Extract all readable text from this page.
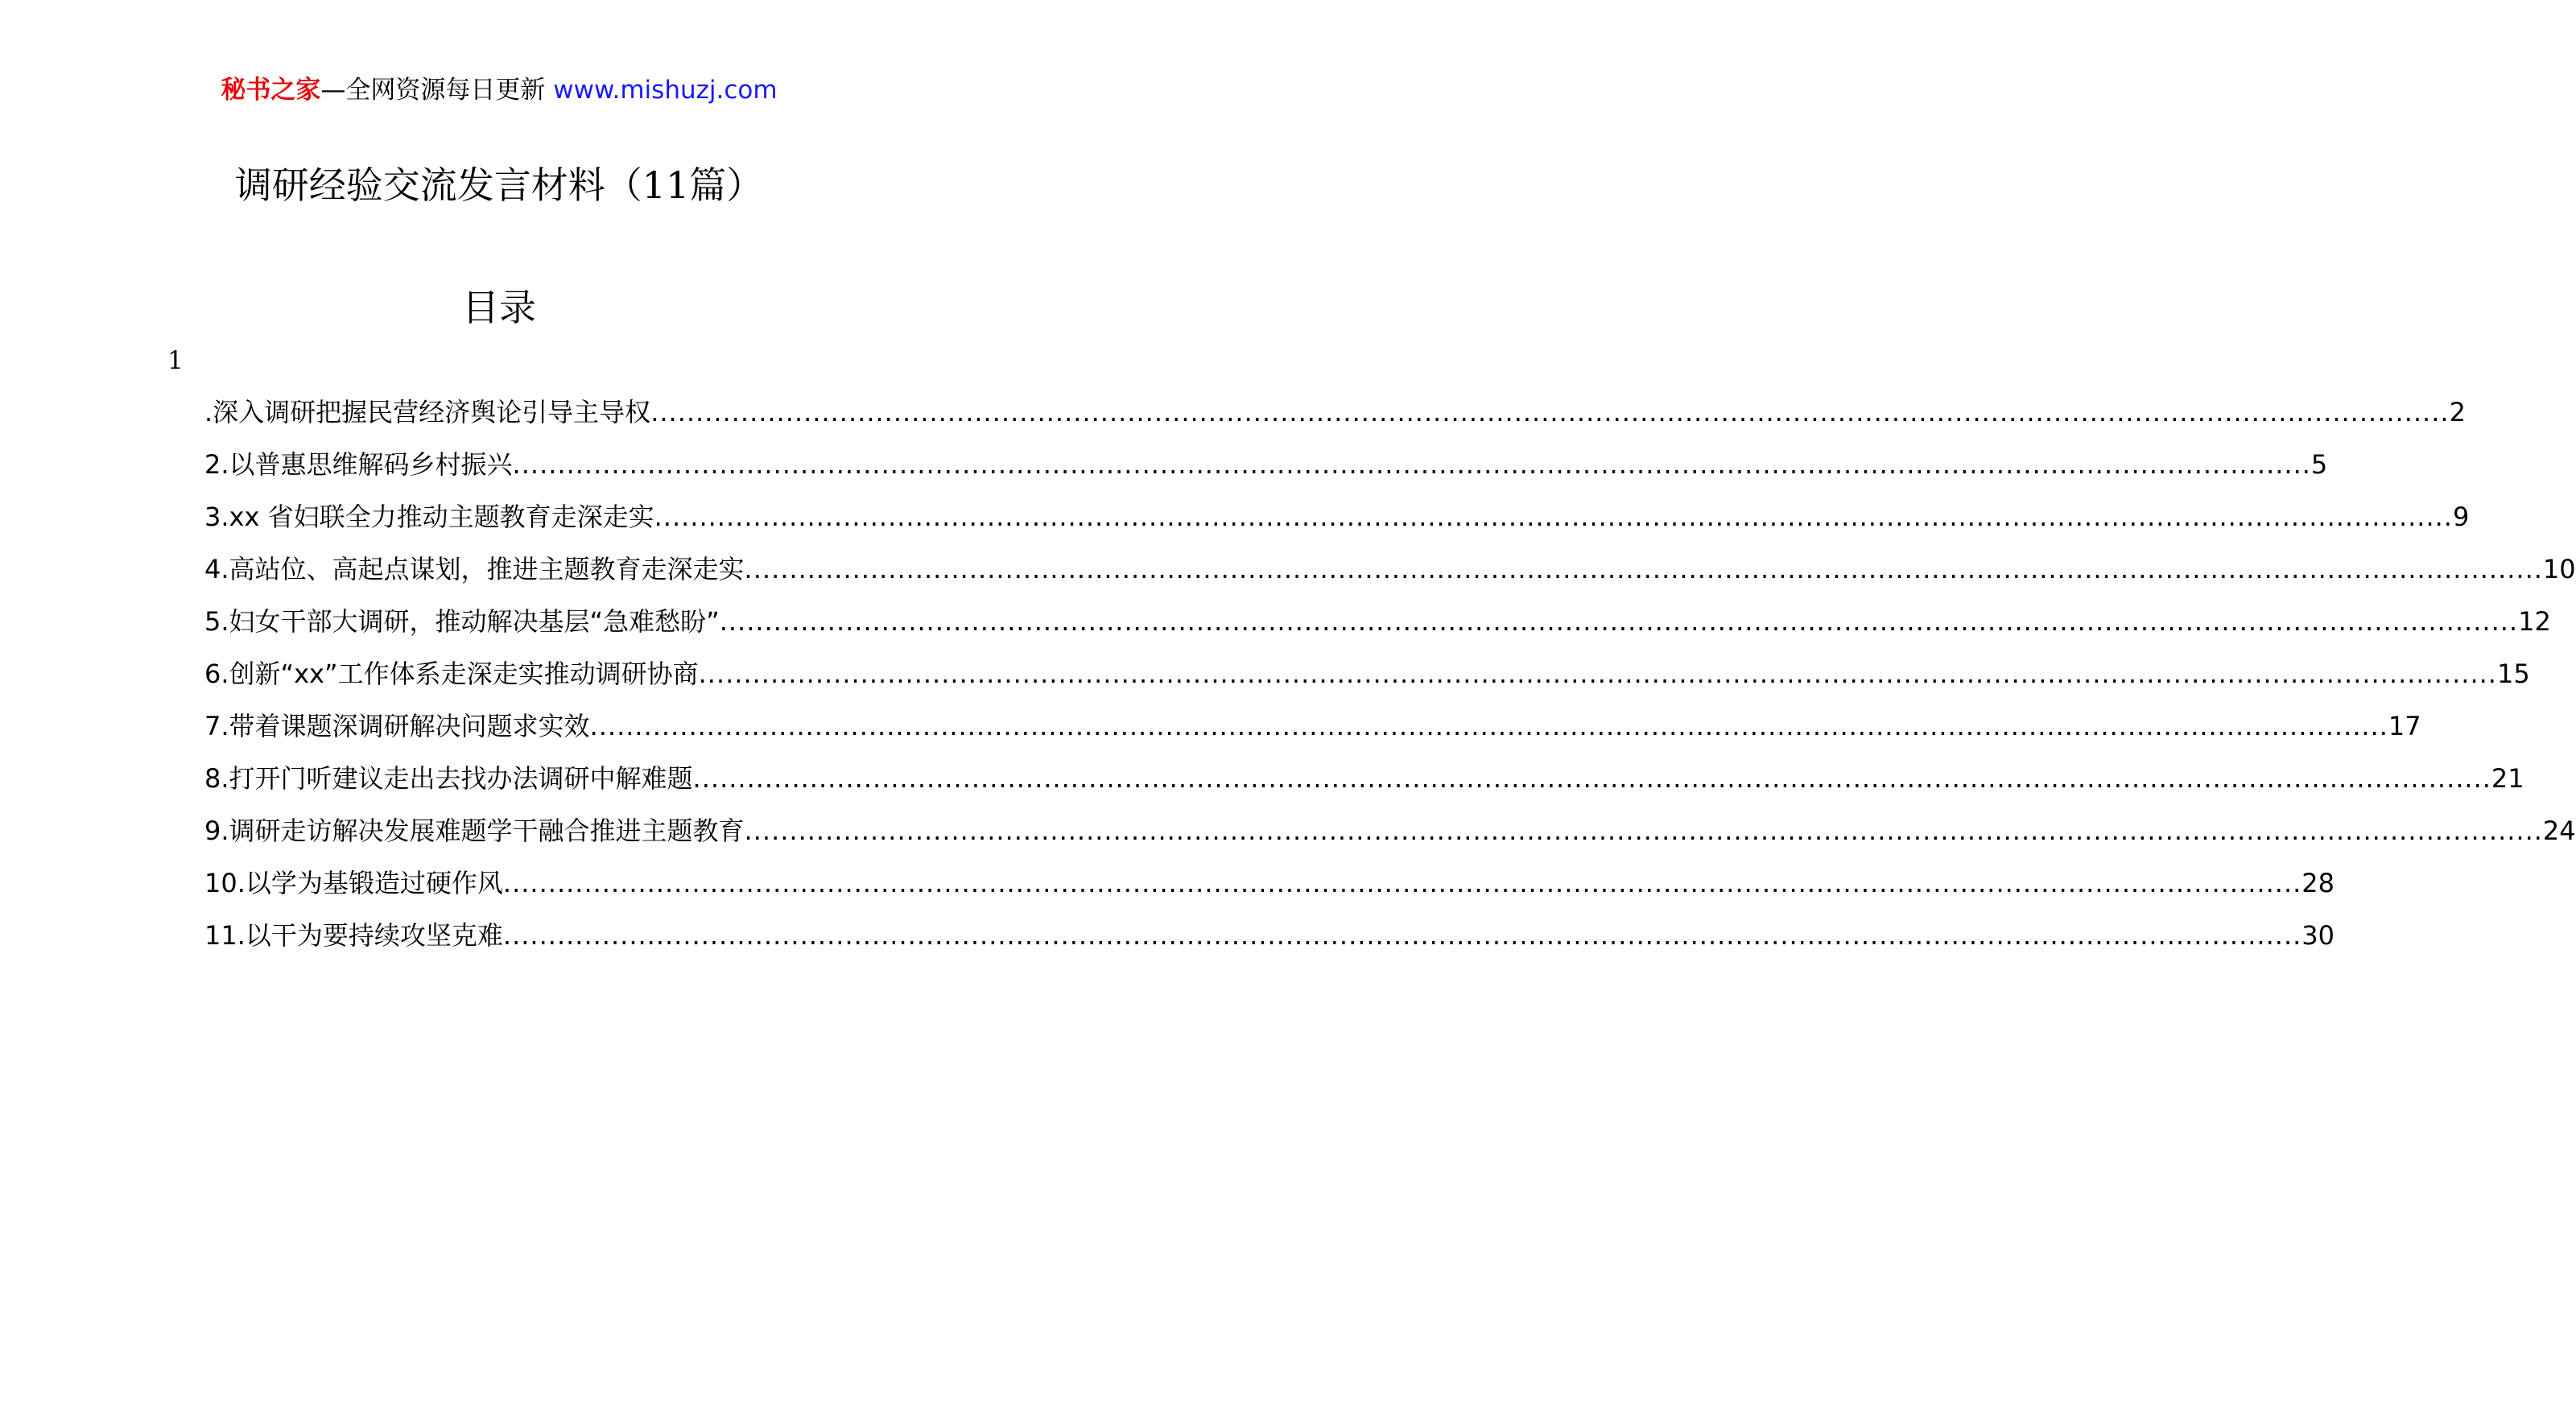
秘书之家—全网资源每日更新 www.mishuzj.com
调研经验交流发言材料（11篇）
目录
1
.深入调研把握民营经济舆论引导主导权 ........................................................................................................................................................................................................ 2
2.以普惠思维解码乡村振兴 ........................................................................................................................................................................................................ 5
3.xx 省妇联全力推动主题教育走深走实 ........................................................................................................................................................................................................ 9
4.高站位、高起点谋划，推进主题教育走深走实 ........................................................................................................................................................................................................ 10
5.妇女干部大调研，推动解决基层“急难愁盼” ........................................................................................................................................................................................................ 12
6.创新“xx”工作体系走深走实推动调研协商 ........................................................................................................................................................................................................ 15
7.带着课题深调研解决问题求实效 ........................................................................................................................................................................................................ 17
8.打开门听建议走出去找办法调研中解难题 ........................................................................................................................................................................................................ 21
9.调研走访解决发展难题学干融合推进主题教育 ........................................................................................................................................................................................................ 24
10.以学为基锻造过硬作风 ........................................................................................................................................................................................................ 28
11.以干为要持续攻坚克难 ........................................................................................................................................................................................................ 30
